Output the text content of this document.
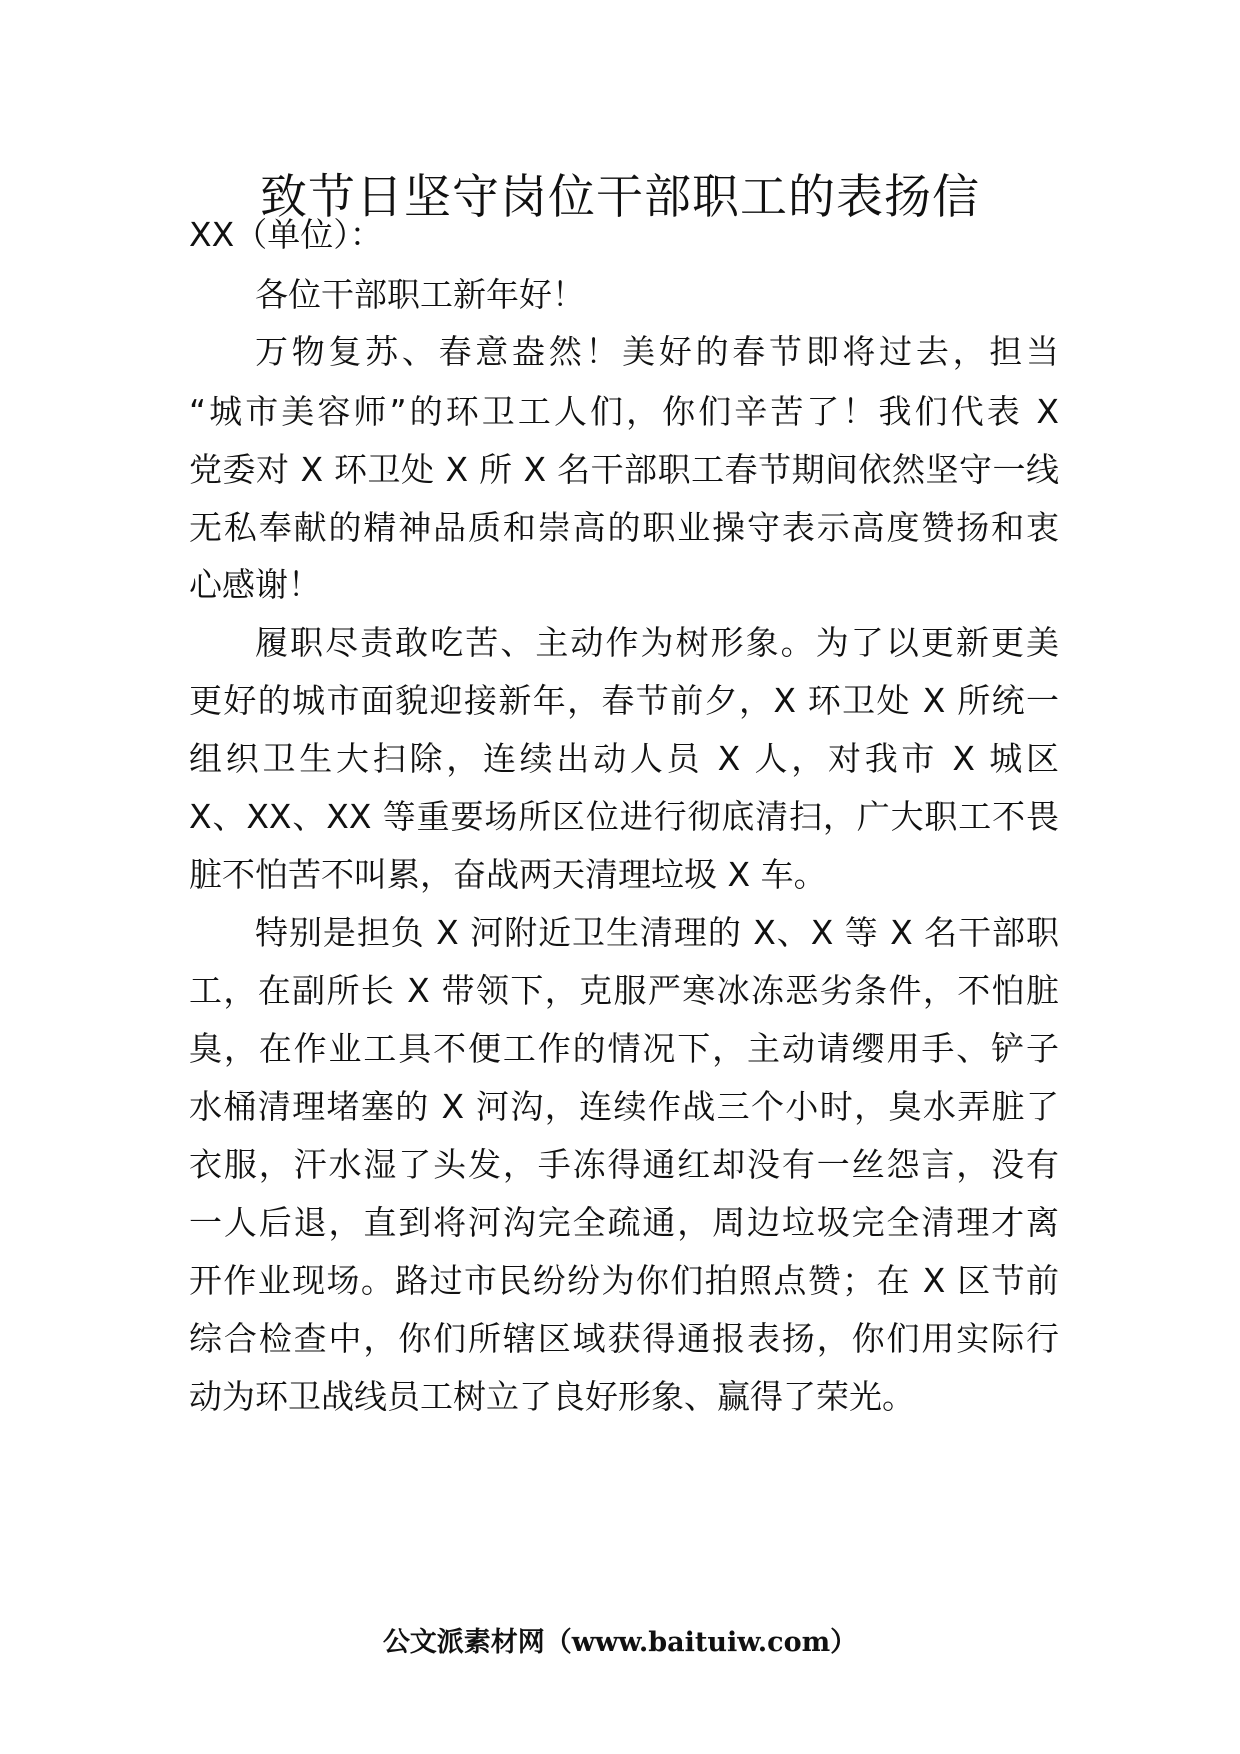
致节日坚守岗位干部职工的表扬信
XX（单位）：
各位干部职工新年好！
万物复苏、春意盎然！美好的春节即将过去，担当
“城市美容师”的环卫工人们，你们辛苦了！我们代表 X
党委对 X 环卫处 X 所 X 名干部职工春节期间依然坚守一线
无私奉献的精神品质和崇高的职业操守表示高度赞扬和衷
心感谢！
履职尽责敢吃苦、主动作为树形象。为了以更新更美
更好的城市面貌迎接新年，春节前夕，X 环卫处 X 所统一
组织卫生大扫除，连续出动人员 X 人，对我市 X 城区
X、XX、XX 等重要场所区位进行彻底清扫，广大职工不畏
脏不怕苦不叫累，奋战两天清理垃圾 X 车。
特别是担负 X 河附近卫生清理的 X、X 等 X 名干部职
工，在副所长 X 带领下，克服严寒冰冻恶劣条件，不怕脏
臭，在作业工具不便工作的情况下，主动请缨用手、铲子
水桶清理堵塞的 X 河沟，连续作战三个小时，臭水弄脏了
衣服，汗水湿了头发，手冻得通红却没有一丝怨言，没有
一人后退，直到将河沟完全疏通，周边垃圾完全清理才离
开作业现场。路过市民纷纷为你们拍照点赞；在 X 区节前
综合检查中，你们所辖区域获得通报表扬，你们用实际行
动为环卫战线员工树立了良好形象、赢得了荣光。
公文派素材网（www.baituiw.com）
